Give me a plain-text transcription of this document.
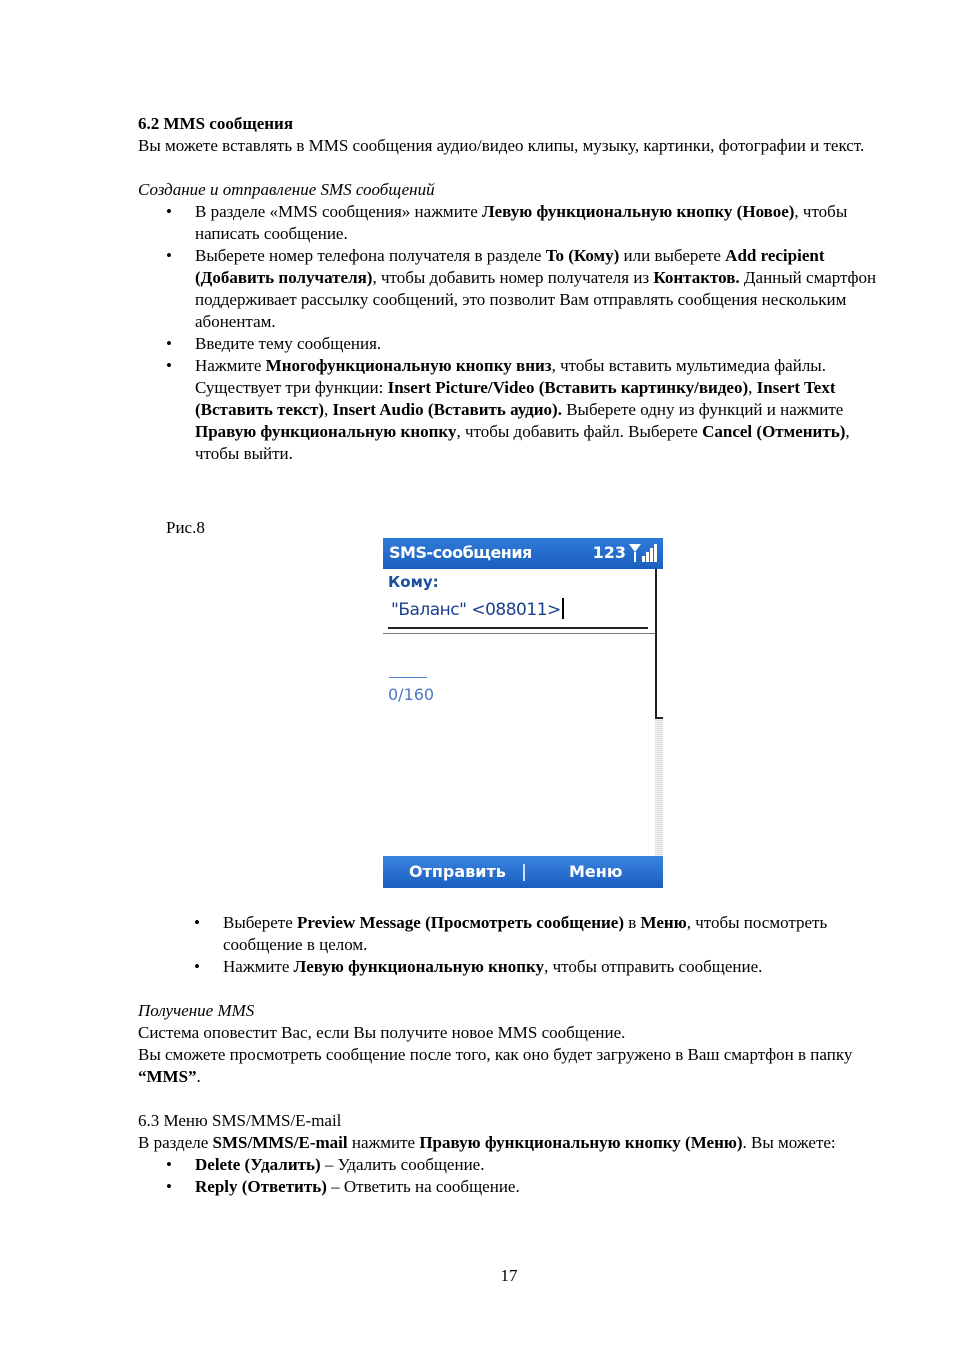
6.2 MMS сообщения

Вы можете вставлять в MMS сообщения аудио/видео клипы, музыку, картинки, фотографии и текст.

Создание и отправление SMS сообщений

• В разделе «MMS сообщения» нажмите Левую функциональную кнопку (Новое), чтобы написать сообщение.
• Выберете номер телефона получателя в разделе To (Кому) или выберете Add recipient (Добавить получателя), чтобы добавить номер получателя из Контактов. Данный смартфон поддерживает рассылку сообщений, это позволит Вам отправлять сообщения нескольким абонентам.
• Введите тему сообщения.
• Нажмите Многофункциональную кнопку вниз, чтобы вставить мультимедиа файлы. Существует три функции: Insert Picture/Video (Вставить картинку/видео), Insert Text (Вставить текст), Insert Audio (Вставить аудио). Выберете одну из функций и нажмите Правую функциональную кнопку, чтобы добавить файл. Выберете Cancel (Отменить), чтобы выйти.
Рис.8
SMS-сообщения	123
Кому:
"Баланс" <088011>
0/160
Отправить	Меню
• Выберете Preview Message (Просмотреть сообщение) в Меню, чтобы посмотреть сообщение в целом.
• Нажмите Левую функциональную кнопку, чтобы отправить сообщение.

Получение MMS

Система оповестит Вас, если Вы получите новое MMS сообщение.

Вы сможете просмотреть сообщение после того, как оно будет загружено в Ваш смартфон в папку “MMS”.

6.3 Меню SMS/MMS/E-mail

В разделе SMS/MMS/E-mail нажмите Правую функциональную кнопку (Меню). Вы можете:

• Delete (Удалить) – Удалить сообщение.
• Reply (Ответить) – Ответить на сообщение.
17
